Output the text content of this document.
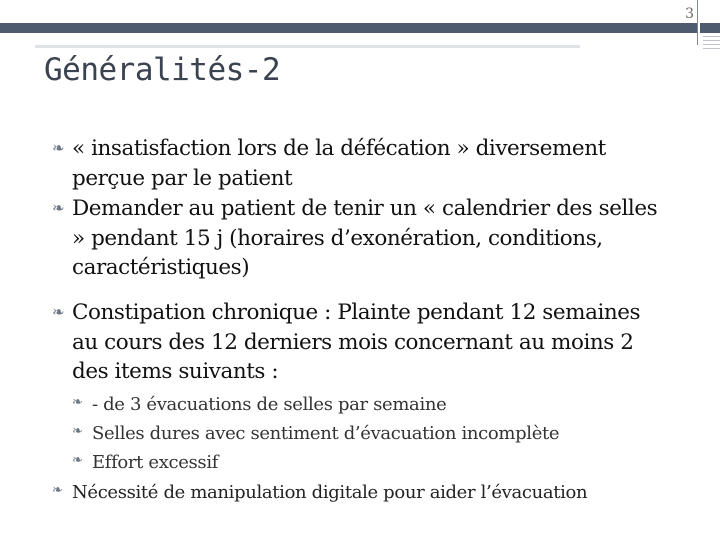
3
Généralités-2
❧ « insatisfaction lors de la défécation » diversement perçue par le patient
❧ Demander au patient de tenir un « calendrier des selles » pendant 15 j (horaires d’exonération, conditions, caractéristiques)
❧ Constipation chronique : Plainte pendant 12 semaines au cours des 12 derniers mois concernant au moins 2 des items suivants :
❧ - de 3 évacuations de selles par semaine
❧ Selles dures avec sentiment d’évacuation incomplète
❧ Effort excessif
❧ Nécessité de manipulation digitale pour aider l’évacuation
